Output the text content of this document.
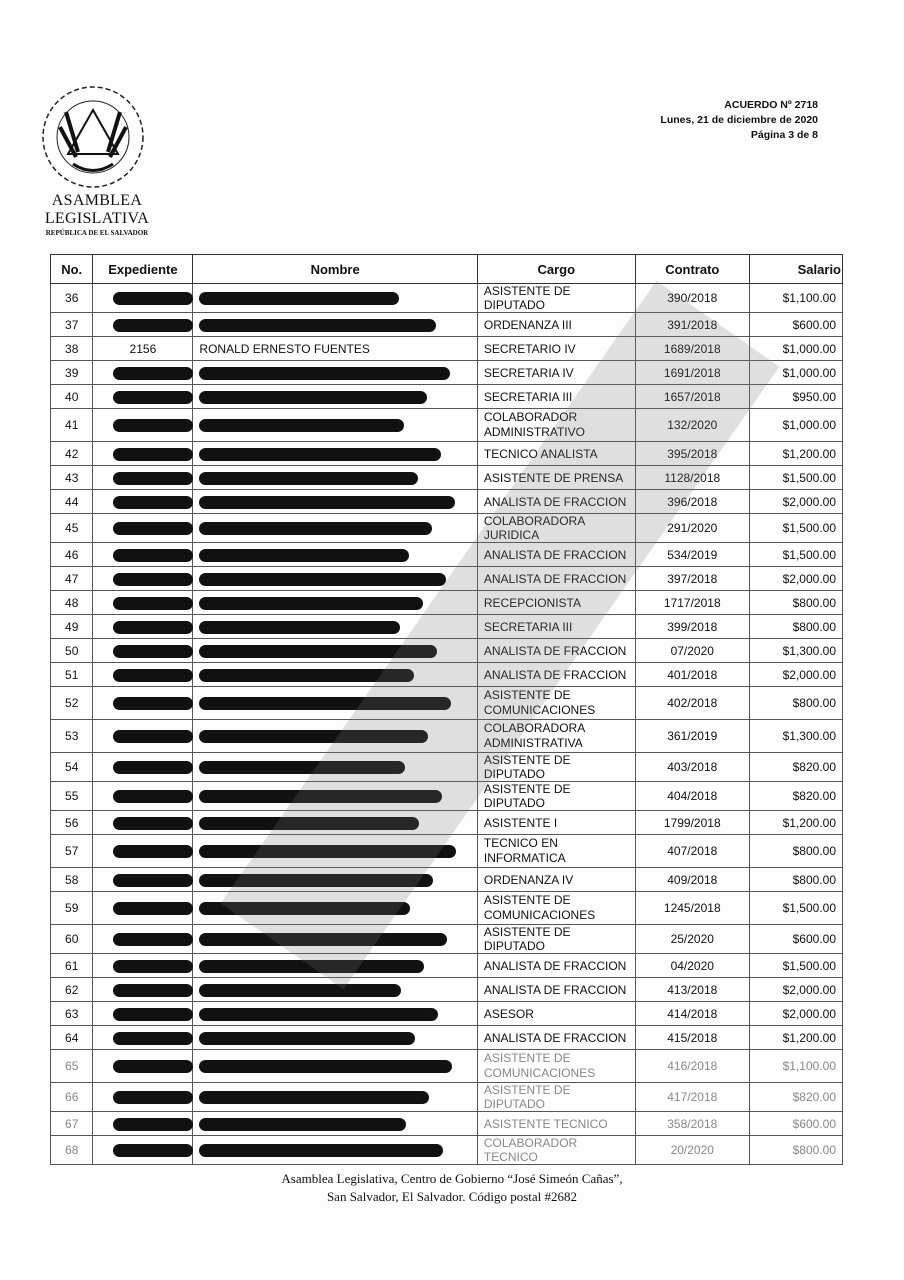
ASAMBLEA LEGISLATIVA
REPÚBLICA DE EL SALVADOR
ACUERDO Nº 2718
Lunes, 21 de diciembre de 2020
Página 3 de 8
No.	Expediente	Nombre	Cargo	Contrato	Salario
36			ASISTENTE DE DIPUTADO	390/2018	$1,100.00
37			ORDENANZA III	391/2018	$600.00
38	2156	RONALD ERNESTO FUENTES	SECRETARIO IV	1689/2018	$1,000.00
39			SECRETARIA IV	1691/2018	$1,000.00
40			SECRETARIA III	1657/2018	$950.00
41			COLABORADOR ADMINISTRATIVO	132/2020	$1,000.00
42			TECNICO ANALISTA	395/2018	$1,200.00
43			ASISTENTE DE PRENSA	1128/2018	$1,500.00
44			ANALISTA DE FRACCION	396/2018	$2,000.00
45			COLABORADORA JURIDICA	291/2020	$1,500.00
46			ANALISTA DE FRACCION	534/2019	$1,500.00
47			ANALISTA DE FRACCION	397/2018	$2,000.00
48			RECEPCIONISTA	1717/2018	$800.00
49			SECRETARIA III	399/2018	$800.00
50			ANALISTA DE FRACCION	07/2020	$1,300.00
51			ANALISTA DE FRACCION	401/2018	$2,000.00
52			ASISTENTE DE COMUNICACIONES	402/2018	$800.00
53			COLABORADORA ADMINISTRATIVA	361/2019	$1,300.00
54			ASISTENTE DE DIPUTADO	403/2018	$820.00
55			ASISTENTE DE DIPUTADO	404/2018	$820.00
56			ASISTENTE I	1799/2018	$1,200.00
57			TECNICO EN INFORMATICA	407/2018	$800.00
58			ORDENANZA IV	409/2018	$800.00
59			ASISTENTE DE COMUNICACIONES	1245/2018	$1,500.00
60			ASISTENTE DE DIPUTADO	25/2020	$600.00
61			ANALISTA DE FRACCION	04/2020	$1,500.00
62			ANALISTA DE FRACCION	413/2018	$2,000.00
63			ASESOR	414/2018	$2,000.00
64			ANALISTA DE FRACCION	415/2018	$1,200.00
65			ASISTENTE DE COMUNICACIONES	416/2018	$1,100.00
66			ASISTENTE DE DIPUTADO	417/2018	$820.00
67			ASISTENTE TECNICO	358/2018	$600.00
68			COLABORADOR TECNICO	20/2020	$800.00
Asamblea Legislativa, Centro de Gobierno “José Simeón Cañas”,
San Salvador, El Salvador. Código postal #2682
